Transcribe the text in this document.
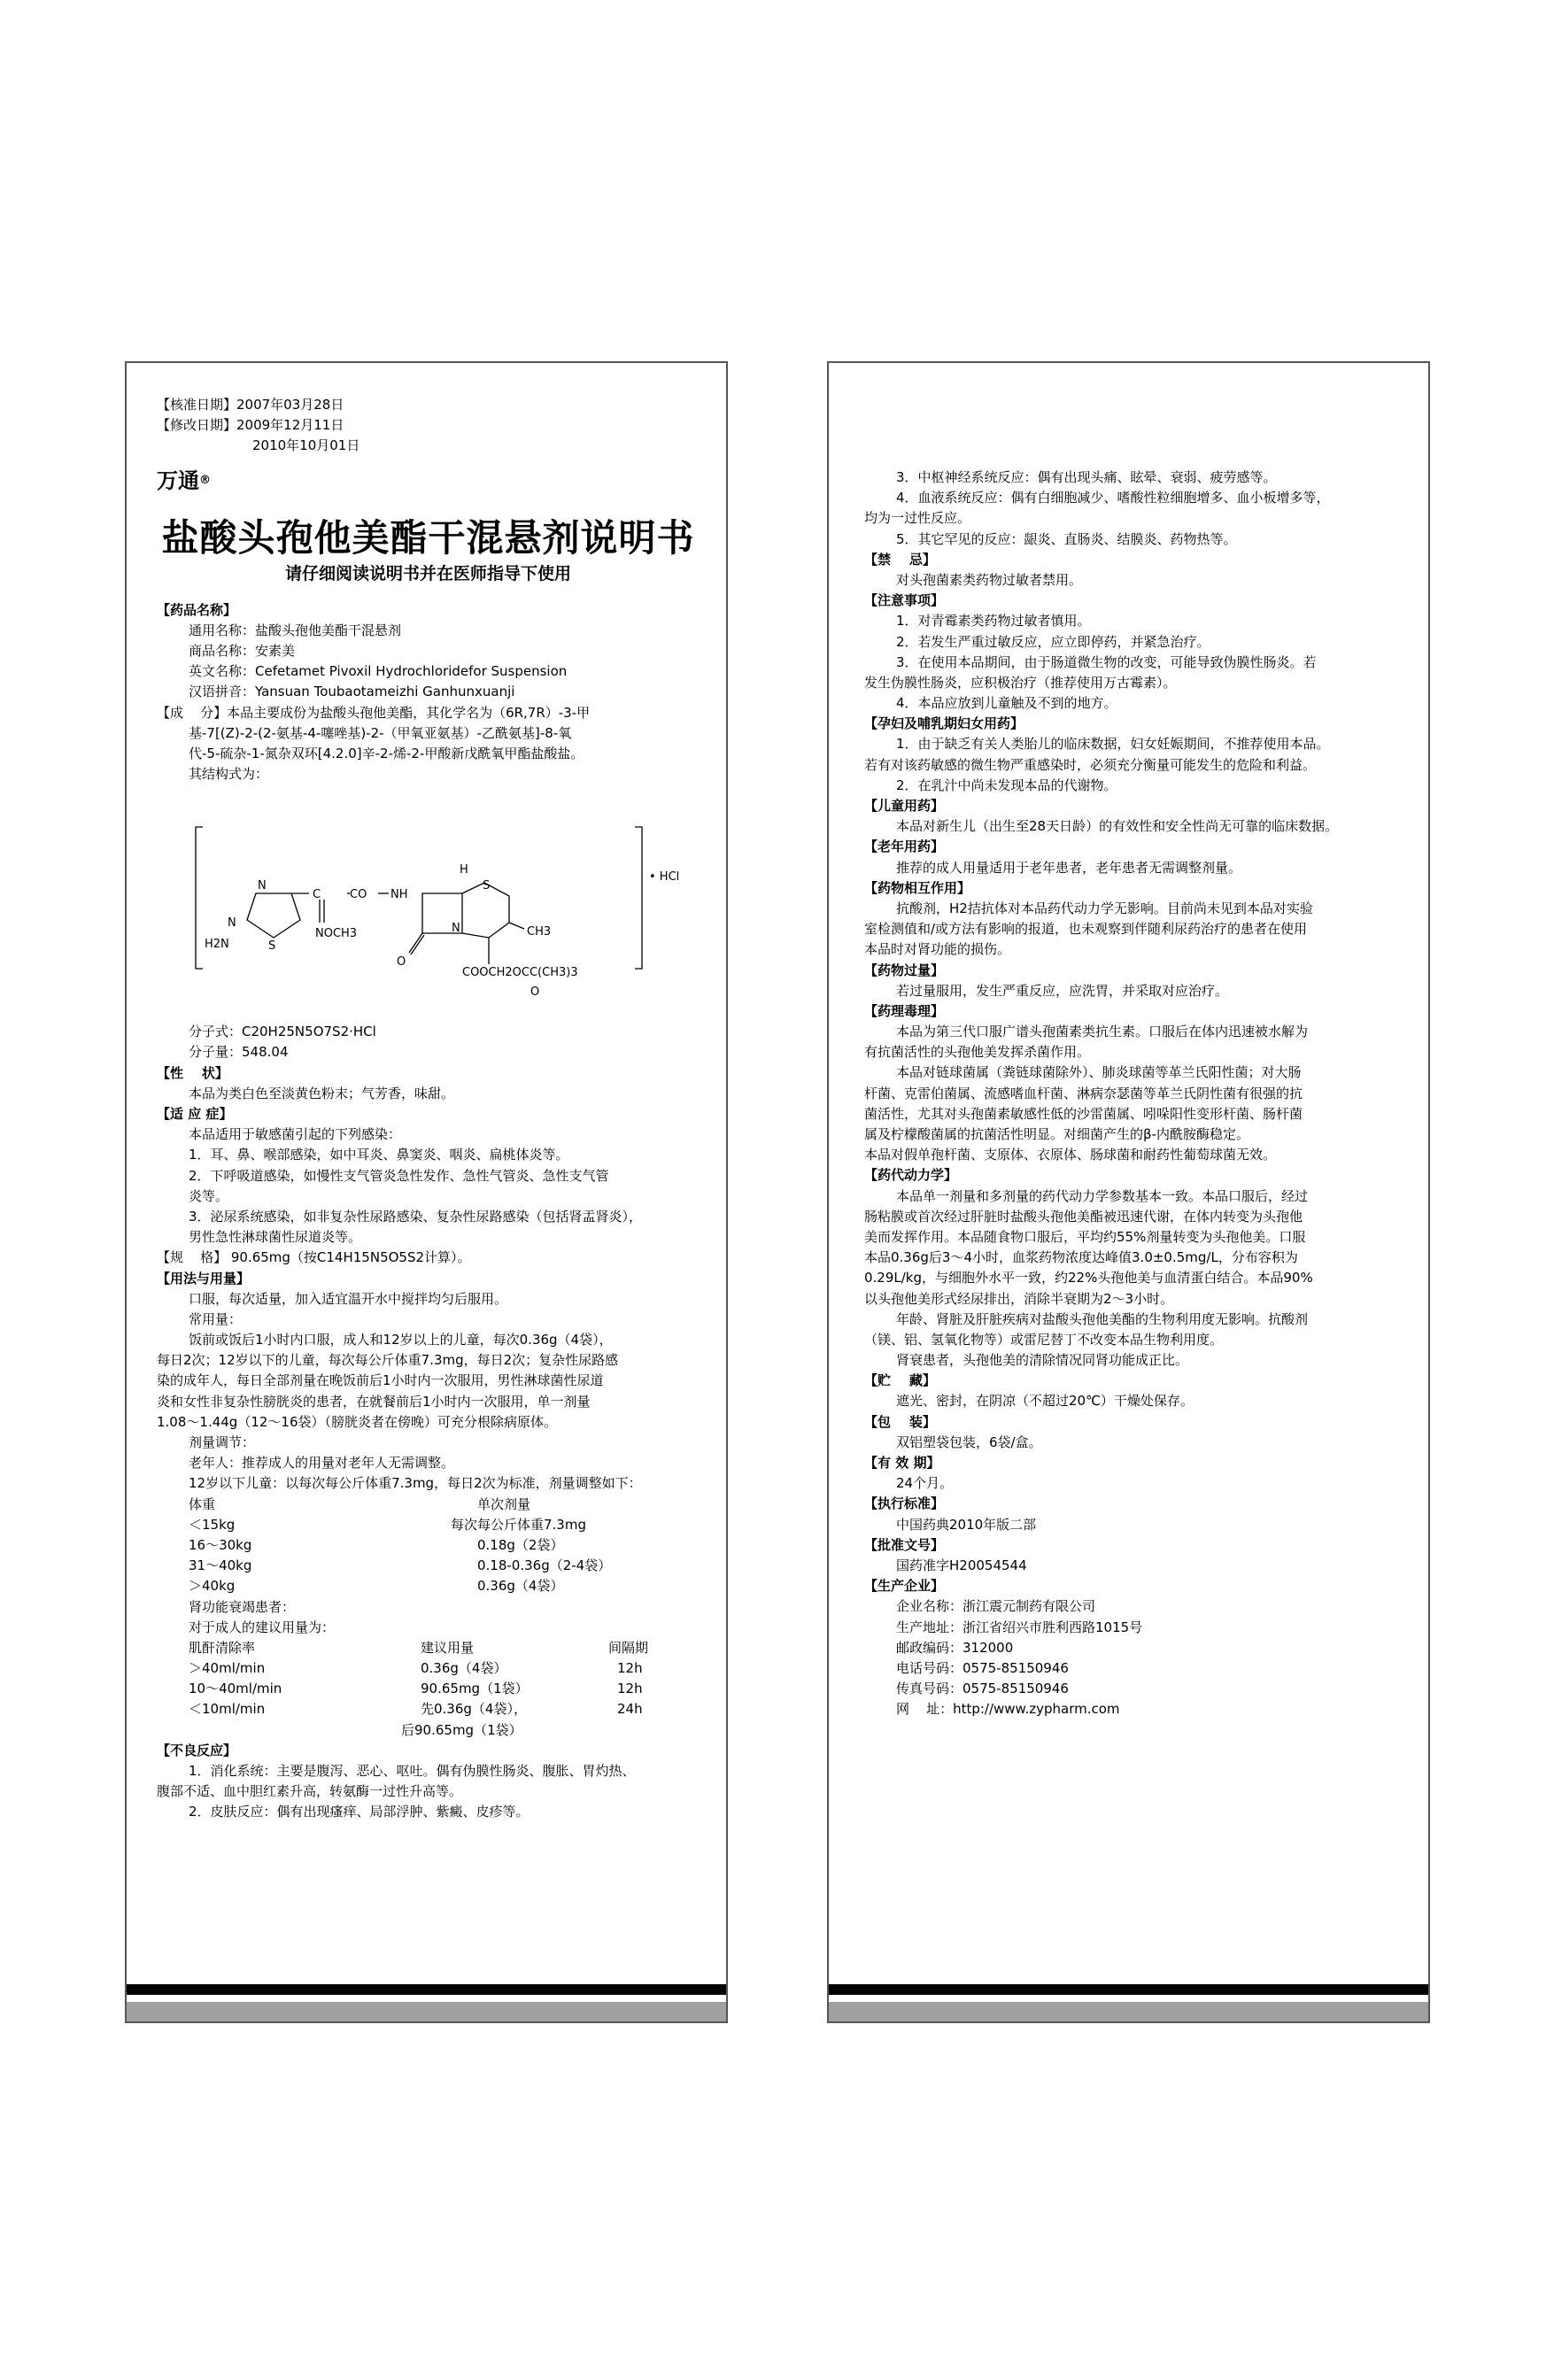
【核准日期】2007年03月28日
【修改日期】2009年12月11日
2010年10月01日
万通®
盐酸头孢他美酯干混悬剂说明书
请仔细阅读说明书并在医师指导下使用
【药品名称】
通用名称：盐酸头孢他美酯干混悬剂
商品名称：安素美
英文名称：Cefetamet Pivoxil Hydrochloridefor Suspension
汉语拼音：Yansuan Toubaotameizhi Ganhunxuanji
【成    分】本品主要成份为盐酸头孢他美酯，其化学名为（6R,7R）-3-甲
基-7[(Z)-2-(2-氨基-4-噻唑基)-2-（甲氧亚氨基）-乙酰氨基]-8-氧
代-5-硫杂-1-氮杂双环[4.2.0]辛-2-烯-2-甲酸新戊酰氧甲酯盐酸盐。
其结构式为：
N
C	CO NH
H
S
N
H2N	S
NOCH3
N
O
CH3
COOCH2OCC(CH3)3
O
• HCl
分子式：C20H25N5O7S2·HCl
分子量：548.04
【性    状】
本品为类白色至淡黄色粉末；气芳香，味甜。
【适 应 症】
本品适用于敏感菌引起的下列感染：
1．耳、鼻、喉部感染，如中耳炎、鼻窦炎、咽炎、扁桃体炎等。
2．下呼吸道感染，如慢性支气管炎急性发作、急性气管炎、急性支气管
炎等。
3．泌尿系统感染，如非复杂性尿路感染、复杂性尿路感染（包括肾盂肾炎），
男性急性淋球菌性尿道炎等。
【规    格】 90.65mg（按C14H15N5O5S2计算）。
【用法与用量】
口服，每次适量，加入适宜温开水中搅拌均匀后服用。
常用量：
饭前或饭后1小时内口服，成人和12岁以上的儿童，每次0.36g（4袋），
每日2次；12岁以下的儿童，每次每公斤体重7.3mg，每日2次；复杂性尿路感
染的成年人，每日全部剂量在晚饭前后1小时内一次服用，男性淋球菌性尿道
炎和女性非复杂性膀胱炎的患者，在就餐前后1小时内一次服用，单一剂量
1.08～1.44g（12～16袋）（膀胱炎者在傍晚）可充分根除病原体。
剂量调节：
老年人：推荐成人的用量对老年人无需调整。
12岁以下儿童：以每次每公斤体重7.3mg，每日2次为标准，剂量调整如下：
体重	单次剂量
＜15kg	每次每公斤体重7.3mg
16～30kg	0.18g（2袋）
31～40kg	0.18-0.36g（2-4袋）
＞40kg	0.36g（4袋）
肾功能衰竭患者：
对于成人的建议用量为：
肌酐清除率	建议用量	间隔期
＞40ml/min	0.36g（4袋）	12h
10～40ml/min	90.65mg（1袋）	12h
＜10ml/min	先0.36g（4袋），	24h
后90.65mg（1袋）
【不良反应】
1．消化系统：主要是腹泻、恶心、呕吐。偶有伪膜性肠炎、腹胀、胃灼热、
腹部不适、血中胆红素升高，转氨酶一过性升高等。
2．皮肤反应：偶有出现瘙痒、局部浮肿、紫癜、皮疹等。
3．中枢神经系统反应：偶有出现头痛、眩晕、衰弱、疲劳感等。
4．血液系统反应：偶有白细胞减少、嗜酸性粒细胞增多、血小板增多等，
均为一过性反应。
5．其它罕见的反应：龈炎、直肠炎、结膜炎、药物热等。
【禁    忌】
对头孢菌素类药物过敏者禁用。
【注意事项】
1．对青霉素类药物过敏者慎用。
2．若发生严重过敏反应，应立即停药，并紧急治疗。
3．在使用本品期间，由于肠道微生物的改变，可能导致伪膜性肠炎。若
发生伪膜性肠炎，应积极治疗（推荐使用万古霉素）。
4．本品应放到儿童触及不到的地方。
【孕妇及哺乳期妇女用药】
1．由于缺乏有关人类胎儿的临床数据，妇女妊娠期间，不推荐使用本品。
若有对该药敏感的微生物严重感染时，必须充分衡量可能发生的危险和利益。
2．在乳汁中尚未发现本品的代谢物。
【儿童用药】
本品对新生儿（出生至28天日龄）的有效性和安全性尚无可靠的临床数据。
【老年用药】
推荐的成人用量适用于老年患者，老年患者无需调整剂量。
【药物相互作用】
抗酸剂，H2拮抗体对本品药代动力学无影响。目前尚未见到本品对实验
室检测值和/或方法有影响的报道，也未观察到伴随利尿药治疗的患者在使用
本品时对肾功能的损伤。
【药物过量】
若过量服用，发生严重反应，应洗胃，并采取对应治疗。
【药理毒理】
本品为第三代口服广谱头孢菌素类抗生素。口服后在体内迅速被水解为
有抗菌活性的头孢他美发挥杀菌作用。
本品对链球菌属（粪链球菌除外）、肺炎球菌等革兰氏阳性菌；对大肠
杆菌、克雷伯菌属、流感嗜血杆菌、淋病奈瑟菌等革兰氏阴性菌有很强的抗
菌活性，尤其对头孢菌素敏感性低的沙雷菌属、吲哚阳性变形杆菌、肠杆菌
属及柠檬酸菌属的抗菌活性明显。对细菌产生的β-内酰胺酶稳定。
本品对假单孢杆菌、支原体、衣原体、肠球菌和耐药性葡萄球菌无效。
【药代动力学】
本品单一剂量和多剂量的药代动力学参数基本一致。本品口服后，经过
肠粘膜或首次经过肝脏时盐酸头孢他美酯被迅速代谢，在体内转变为头孢他
美而发挥作用。本品随食物口服后，平均约55%剂量转变为头孢他美。口服
本品0.36g后3～4小时，血浆药物浓度达峰值3.0±0.5mg/L，分布容积为
0.29L/kg，与细胞外水平一致，约22%头孢他美与血清蛋白结合。本品90%
以头孢他美形式经尿排出，消除半衰期为2～3小时。
年龄、肾脏及肝脏疾病对盐酸头孢他美酯的生物利用度无影响。抗酸剂
（镁、铝、氢氧化物等）或雷尼替丁不改变本品生物利用度。
肾衰患者，头孢他美的清除情况同肾功能成正比。
【贮    藏】
遮光、密封，在阴凉（不超过20℃）干燥处保存。
【包    装】
双铝塑袋包装，6袋/盒。
【有 效 期】
24个月。
【执行标准】
中国药典2010年版二部
【批准文号】
国药准字H20054544
【生产企业】
企业名称：浙江震元制药有限公司
生产地址：浙江省绍兴市胜利西路1015号
邮政编码：312000
电话号码：0575-85150946
传真号码：0575-85150946
网    址：http://www.zypharm.com
